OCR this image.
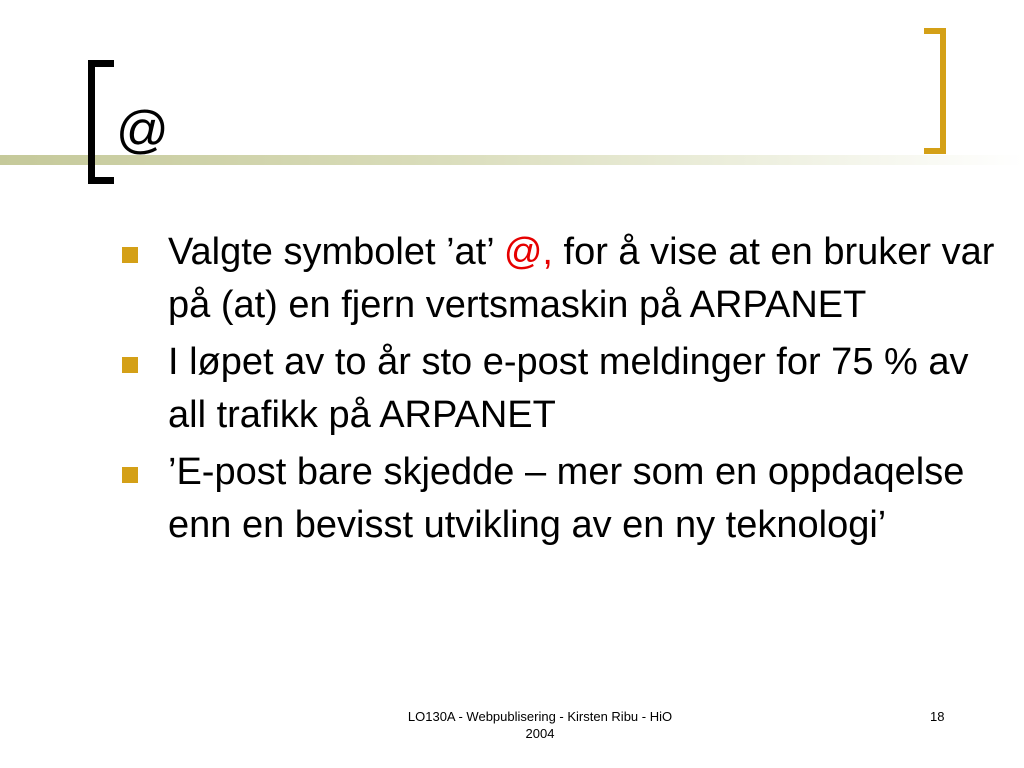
@
Valgte symbolet ’at’ @, for å vise at en bruker var på (at) en fjern vertsmaskin på ARPANET
I løpet av to år sto e-post meldinger for 75 % av all trafikk på ARPANET
’E-post bare skjedde – mer som en oppdaqelse enn en bevisst utvikling av en ny teknologi’
LO130A - Webpublisering - Kirsten Ribu - HiO
2004
18
